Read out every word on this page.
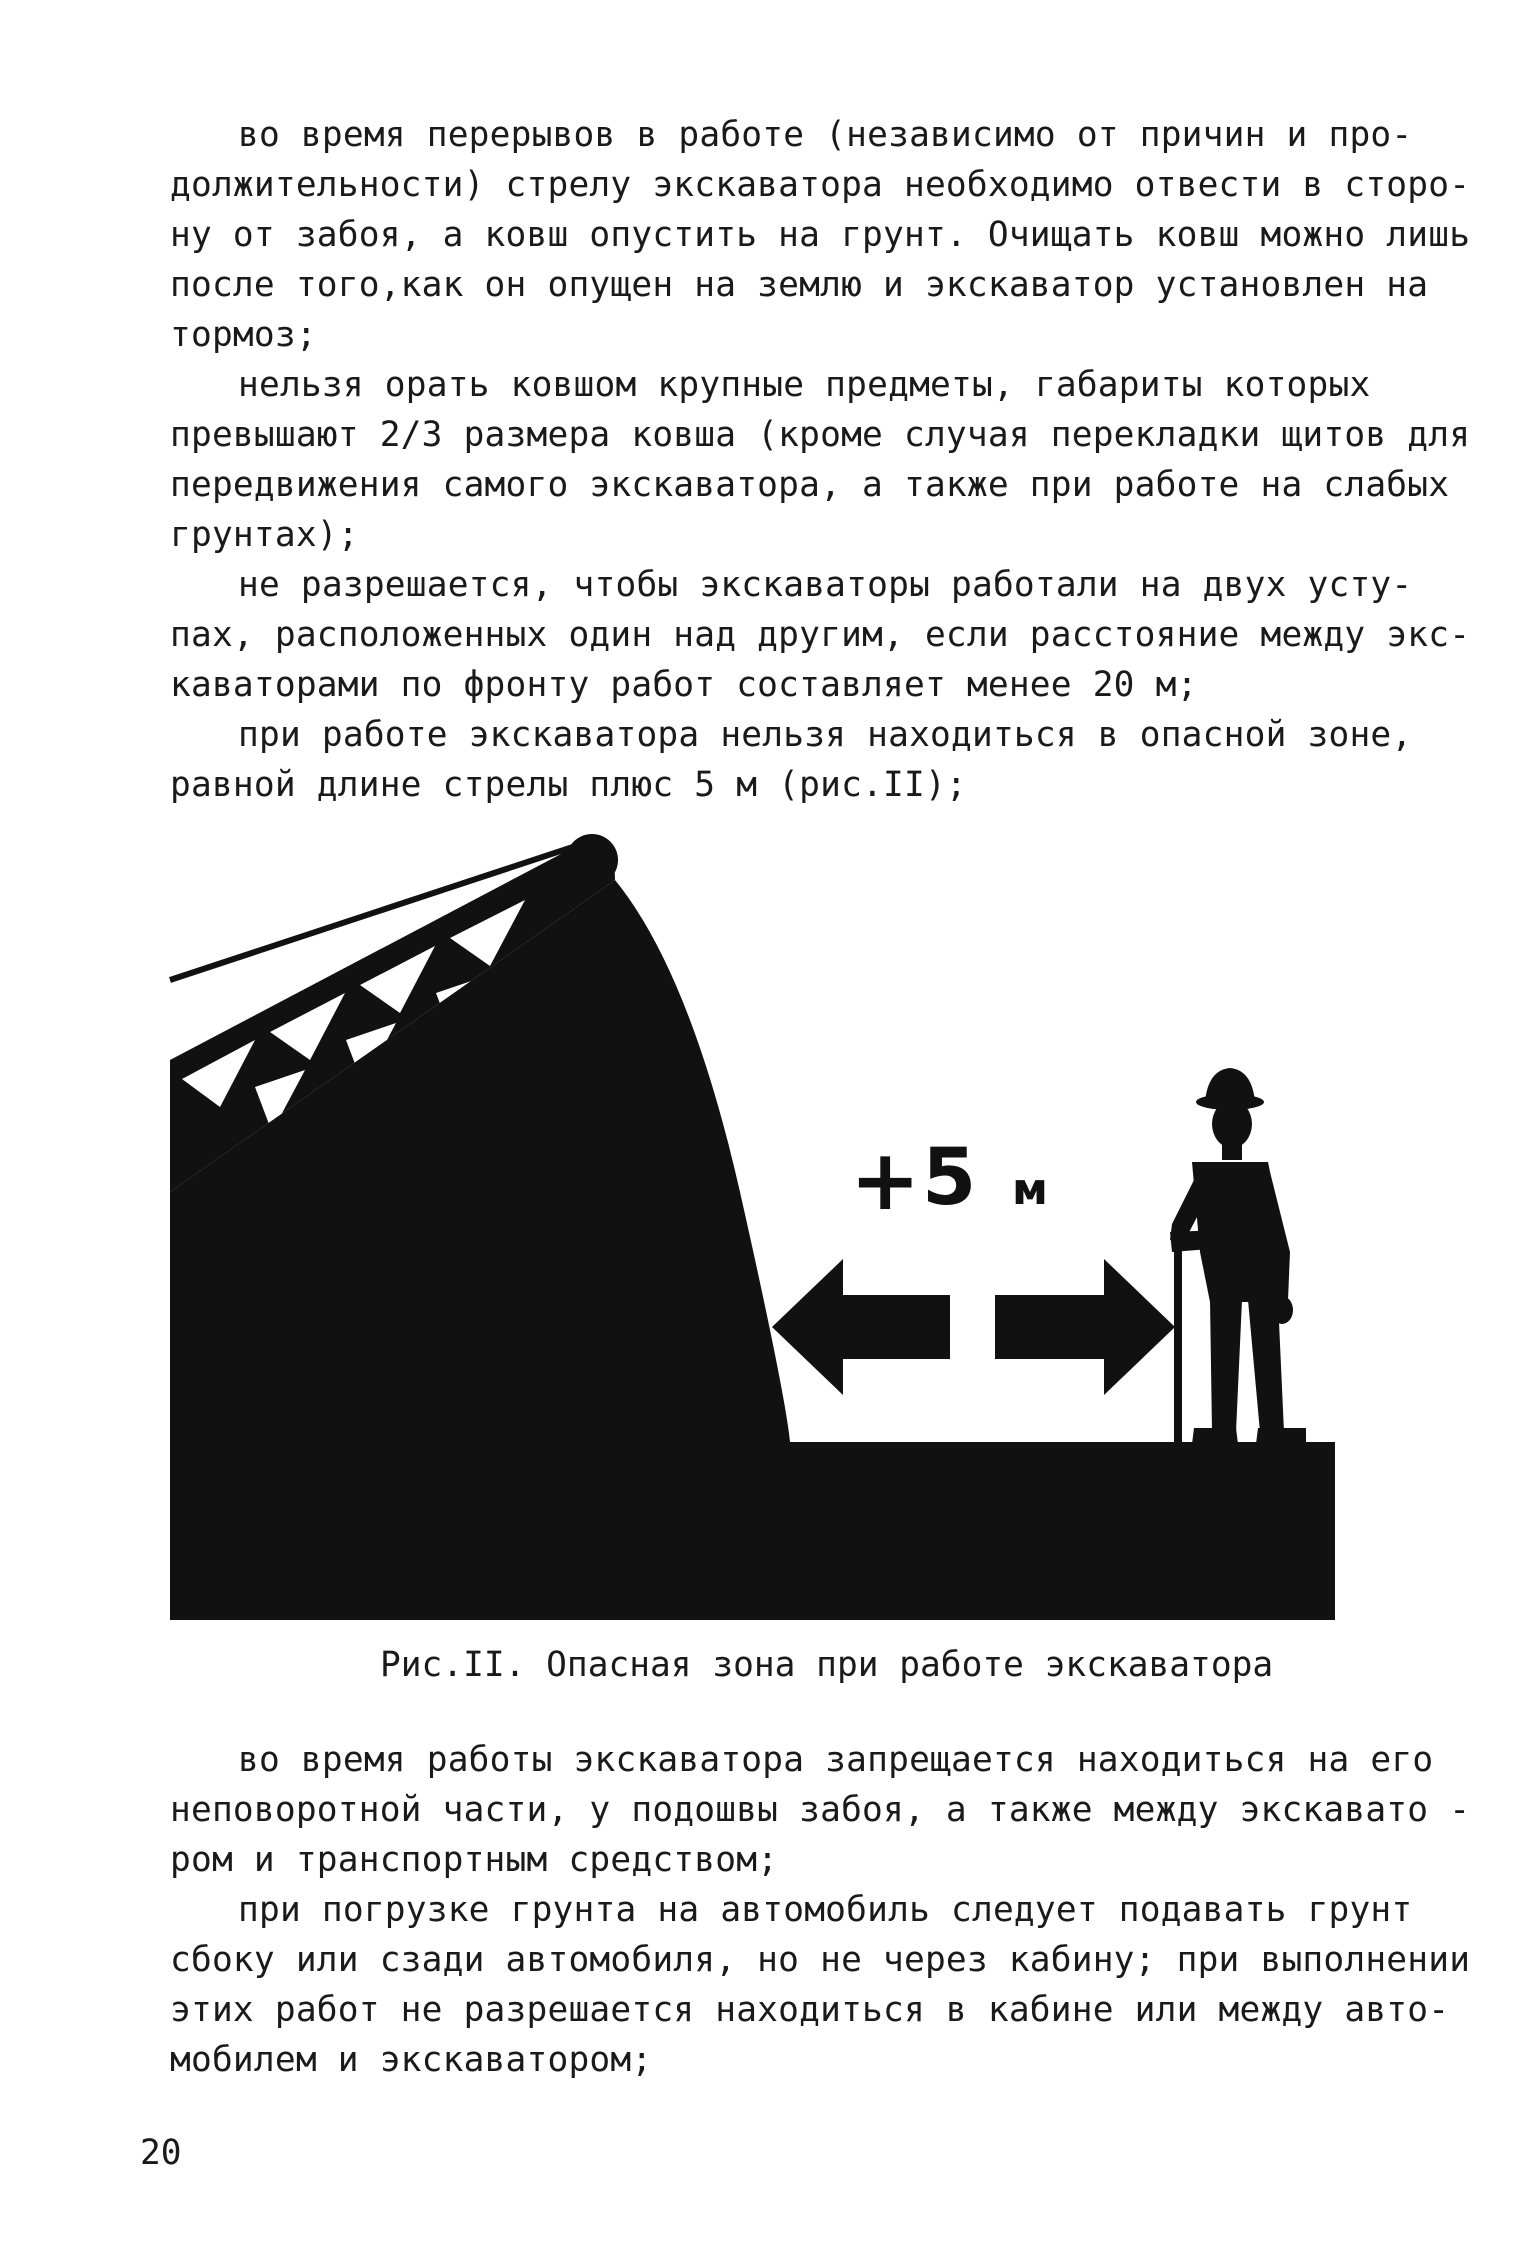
во время перерывов в работе (независимо от причин и про-
должительности) стрелу экскаватора необходимо отвести в сторо-
ну от забоя, а ковш опустить на грунт. Очищать ковш можно лишь
после того,как он опущен на землю и экскаватор установлен на
тормоз;
нельзя орать ковшом крупные предметы, габариты которых
превышают 2/3 размера ковша (кроме случая перекладки щитов для
передвижения самого экскаватора, а также при работе на слабых
грунтах);
не разрешается, чтобы экскаваторы работали на двух усту-
пах, расположенных один над другим, если расстояние между экс-
каваторами по фронту работ составляет менее 20 м;
при работе экскаватора нельзя находиться в опасной зоне,
равной длине стрелы плюс 5 м (рис.II);
+ 5 м
Рис.II. Опасная зона при работе экскаватора
во время работы экскаватора запрещается находиться на его
неповоротной части, у подошвы забоя, а также между экскавато -
ром и транспортным средством;
при погрузке грунта на автомобиль следует подавать грунт
сбоку или сзади автомобиля, но не через кабину; при выполнении
этих работ не разрешается находиться в кабине или между авто-
мобилем и экскаватором;
20
